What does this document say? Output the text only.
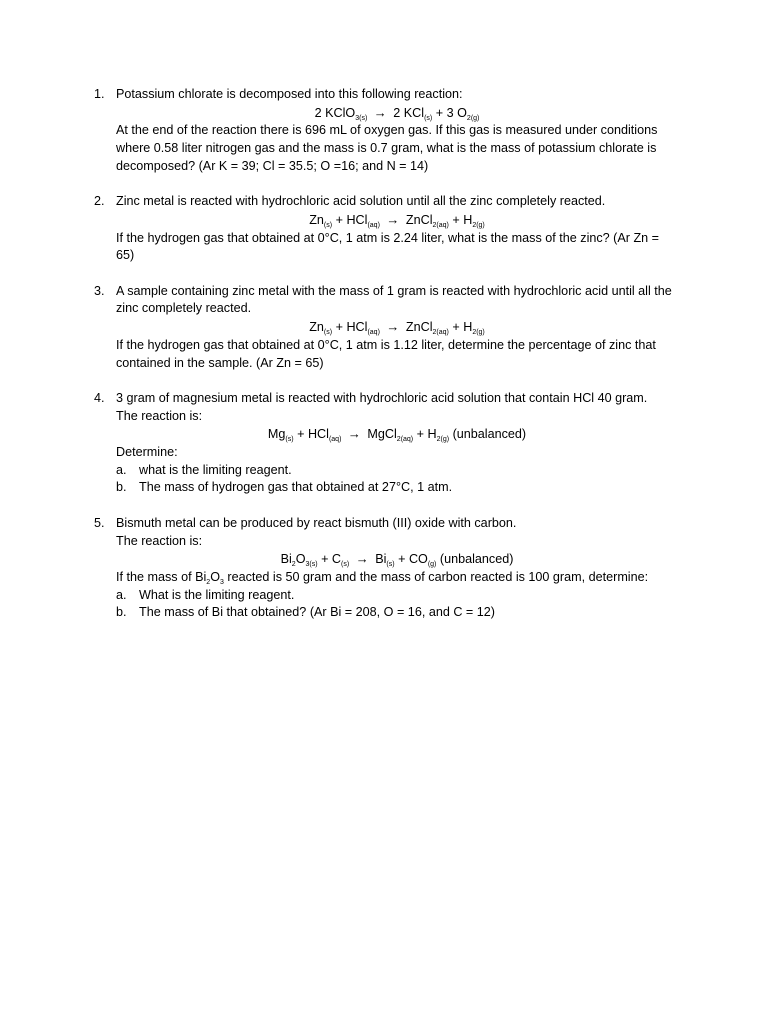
1. Potassium chlorate is decomposed into this following reaction:
2 KClO$_{3(s)}$ → 2 KCl$_{(s)}$ + 3 $O_{2(g)}$
At the end of the reaction there is 696 mL of oxygen gas. If this gas is measured under conditions where 0.58 liter nitrogen gas and the mass is 0.7 gram, what is the mass of potassium chlorate is decomposed? (Ar K = 39; Cl = 35.5; O =16; and N = 14)
2. Zinc metal is reacted with hydrochloric acid solution until all the zinc completely reacted.
$Zn_{(s)} + HCl_{(aq)}$ → ZnCl$_{2(aq)}$ + $H_{2(g)}$
If the hydrogen gas that obtained at 0°C, 1 atm is 2.24 liter, what is the mass of the zinc? (Ar Zn = 65)
3. A sample containing zinc metal with the mass of 1 gram is reacted with hydrochloric acid until all the zinc completely reacted.
$Zn_{(s)} + HCl_{(aq)}$ → ZnCl$_{2(aq)}$ + $H_{2(g)}$
If the hydrogen gas that obtained at 0°C, 1 atm is 1.12 liter, determine the percentage of zinc that contained in the sample. (Ar Zn = 65)
4. 3 gram of magnesium metal is reacted with hydrochloric acid solution that contain HCl 40 gram.
The reaction is:
$Mg_{(s)} + HCl_{(aq)}$ → MgCl$_{2(aq)}$ + $H_{2(g)}$ (unbalanced)
Determine:
a. what is the limiting reagent.
b. The mass of hydrogen gas that obtained at 27°C, 1 atm.
5. Bismuth metal can be produced by react bismuth (III) oxide with carbon.
The reaction is:
$Bi_2O_{3(s)} + C_{(s)} \to Bi_{(s)} + CO_{(g)}$ (unbalanced)
If the mass of $Bi_2O_3$ reacted is 50 gram and the mass of carbon reacted is 100 gram, determine:
a. What is the limiting reagent.
b. The mass of Bi that obtained? (Ar Bi = 208, O = 16, and C = 12)
